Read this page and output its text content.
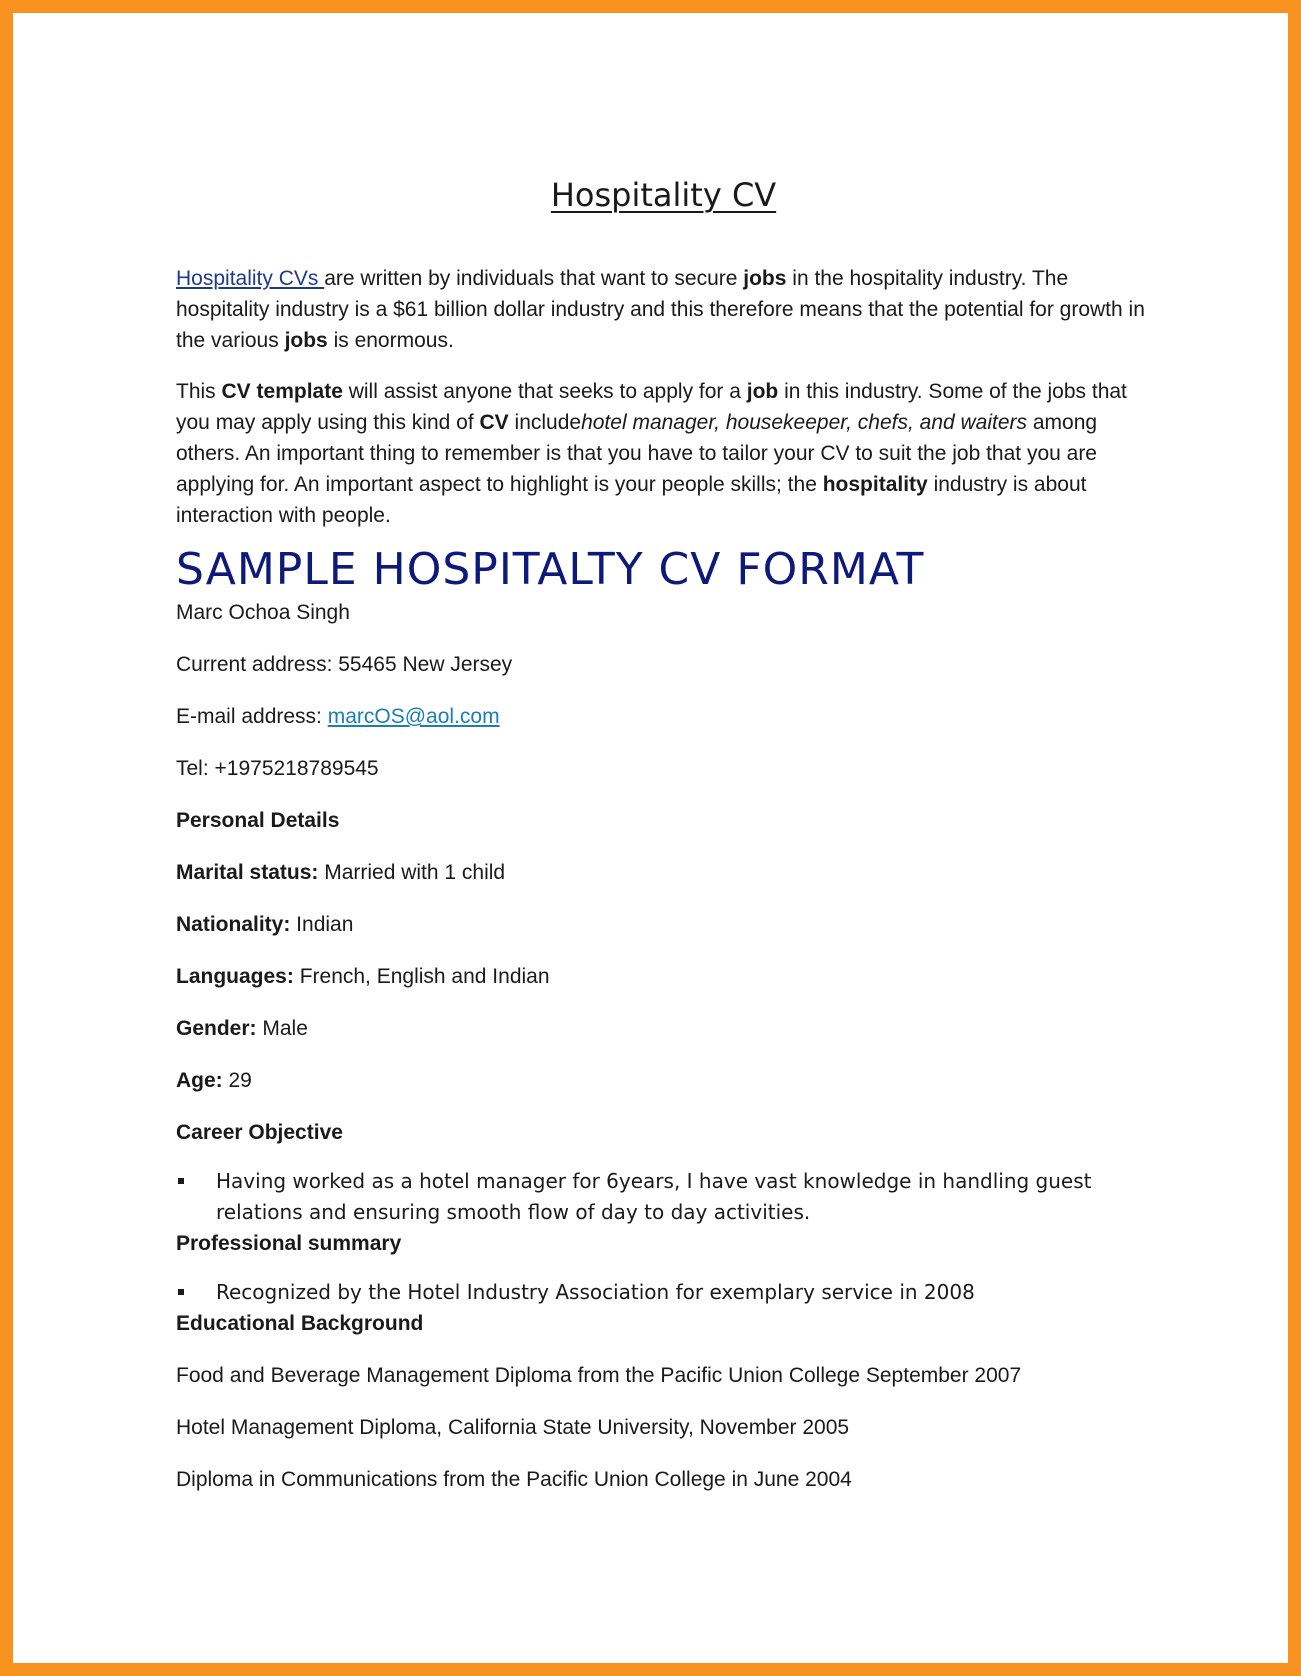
Hospitality CV

Hospitality CVs are written by individuals that want to secure jobs in the hospitality industry. The hospitality industry is a $61 billion dollar industry and this therefore means that the potential for growth in the various jobs is enormous.

This CV template will assist anyone that seeks to apply for a job in this industry. Some of the jobs that you may apply using this kind of CV includehotel manager, housekeeper, chefs, and waiters among others. An important thing to remember is that you have to tailor your CV to suit the job that you are applying for. An important aspect to highlight is your people skills; the hospitality industry is about interaction with people.

SAMPLE HOSPITALTY CV FORMAT

Marc Ochoa Singh

Current address: 55465 New Jersey

E-mail address: marcOS@aol.com

Tel: +1975218789545

Personal Details

Marital status: Married with 1 child

Nationality: Indian

Languages: French, English and Indian

Gender: Male

Age: 29

Career Objective

Having worked as a hotel manager for 6years, I have vast knowledge in handling guest relations and ensuring smooth flow of day to day activities.

Professional summary

Recognized by the Hotel Industry Association for exemplary service in 2008

Educational Background

Food and Beverage Management Diploma from the Pacific Union College September 2007

Hotel Management Diploma, California State University, November 2005

Diploma in Communications from the Pacific Union College in June 2004
